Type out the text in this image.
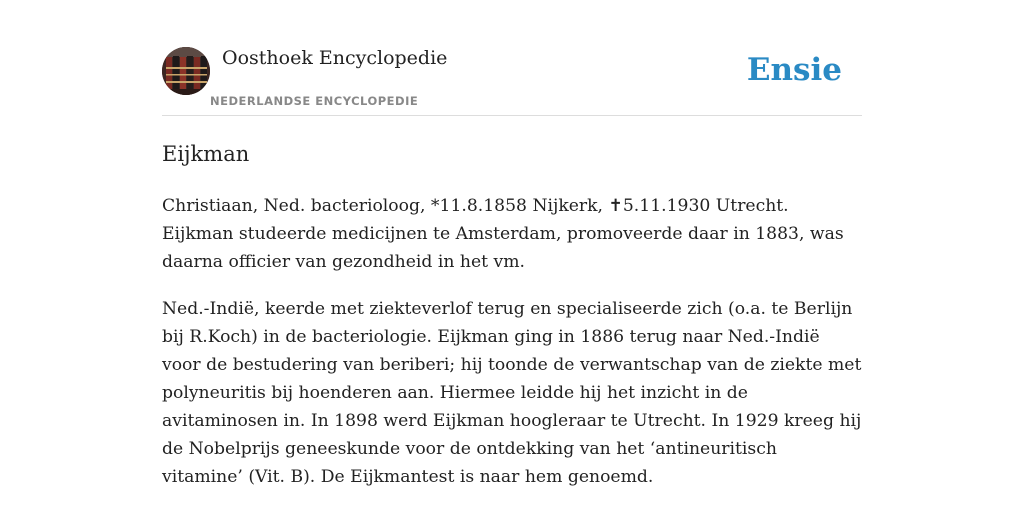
Oosthoek Encyclopedie
NEDERLANDSE ENCYCLOPEDIE
Ensie
Eijkman

Christiaan, Ned. bacterioloog, *11.8.1858 Nijkerk, ✝5.11.1930 Utrecht. Eijkman studeerde medicijnen te Amsterdam, promoveerde daar in 1883, was daarna officier van gezondheid in het vm.

Ned.-Indië, keerde met ziekteverlof terug en specialiseerde zich (o.a. te Berlijn bij R.Koch) in de bacteriologie. Eijkman ging in 1886 terug naar Ned.-Indië voor de bestudering van beriberi; hij toonde de verwantschap van de ziekte met polyneuritis bij hoenderen aan. Hiermee leidde hij het inzicht in de avitaminosen in. In 1898 werd Eijkman hoogleraar te Utrecht. In 1929 kreeg hij de Nobelprijs geneeskunde voor de ontdekking van het ‘antineuritisch vitamine’ (Vit. B). De Eijkmantest is naar hem genoemd.
